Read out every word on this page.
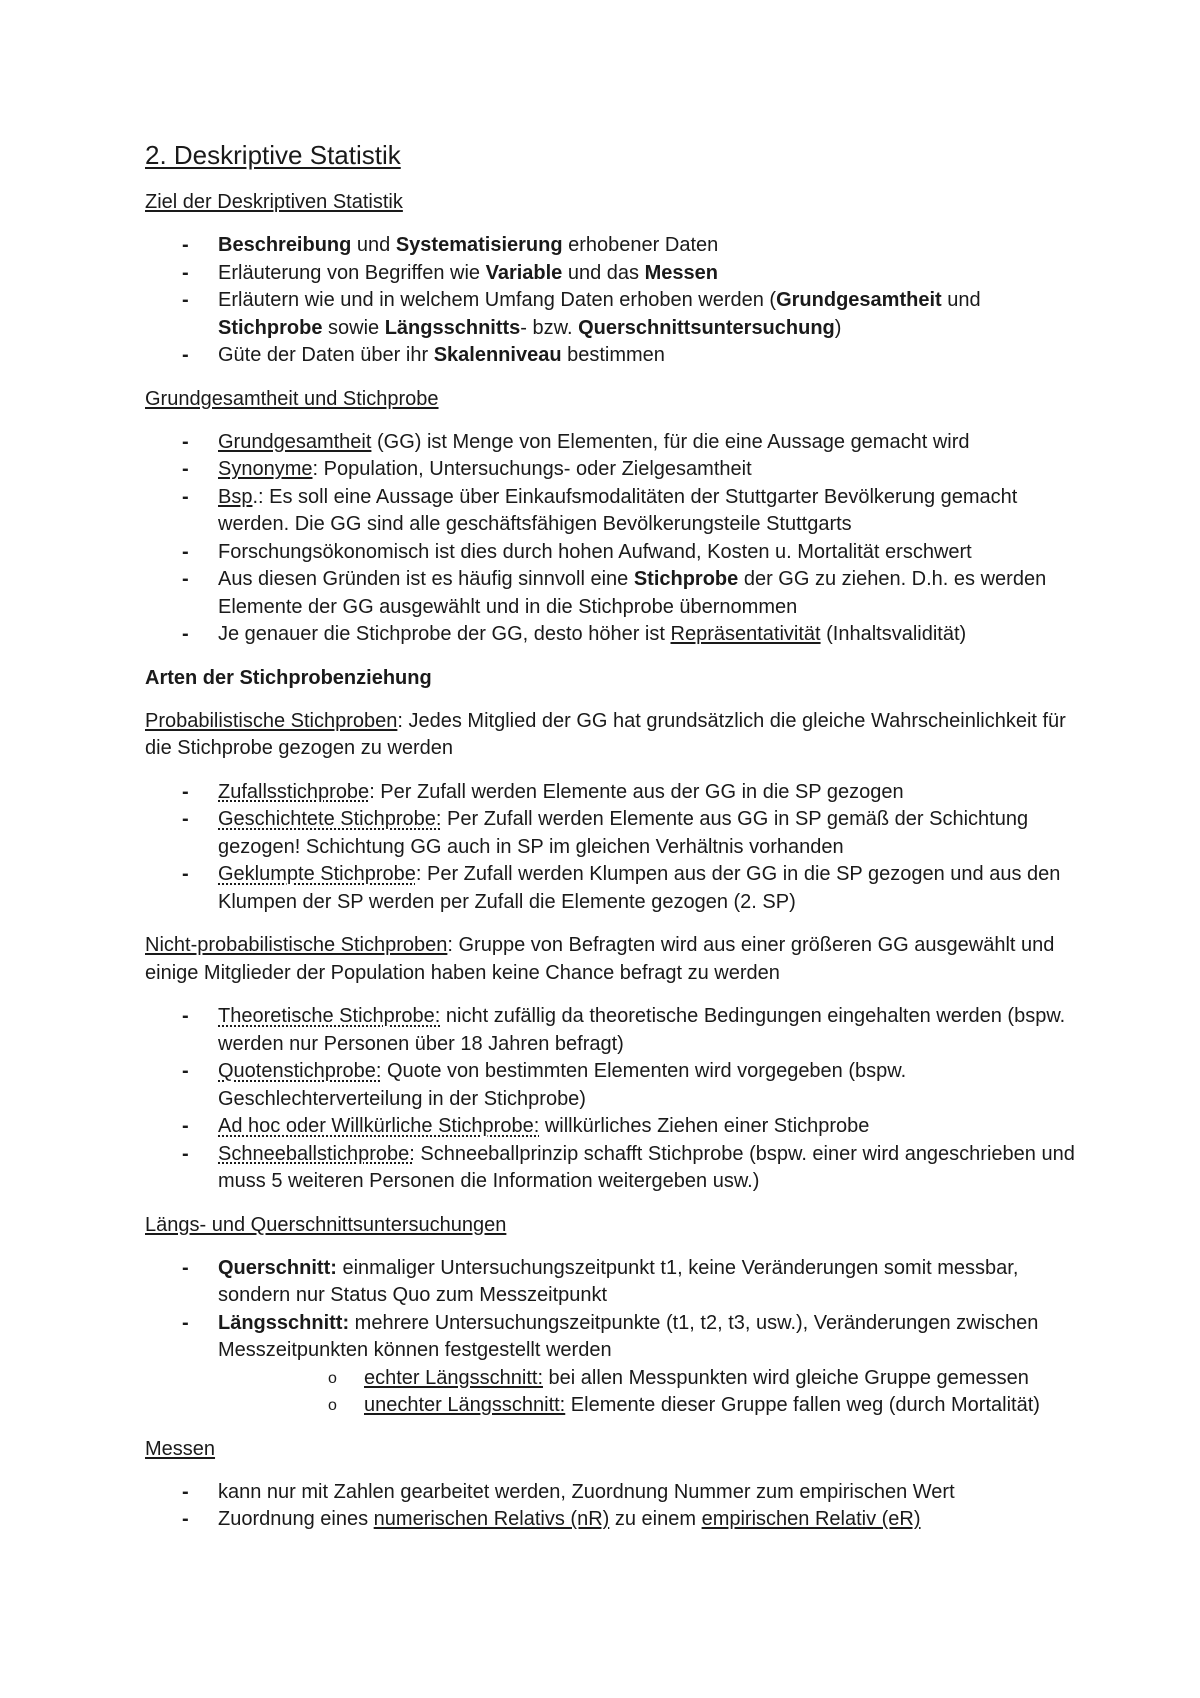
2. Deskriptive Statistik
Ziel der Deskriptiven Statistik
- Beschreibung und Systematisierung erhobener Daten
- Erläuterung von Begriffen wie Variable und das Messen
- Erläutern wie und in welchem Umfang Daten erhoben werden (Grundgesamtheit und Stichprobe sowie Längsschnitts- bzw. Querschnittsuntersuchung)
- Güte der Daten über ihr Skalenniveau bestimmen
Grundgesamtheit und Stichprobe
- Grundgesamtheit (GG) ist Menge von Elementen, für die eine Aussage gemacht wird
- Synonyme: Population, Untersuchungs- oder Zielgesamtheit
- Bsp.: Es soll eine Aussage über Einkaufsmodalitäten der Stuttgarter Bevölkerung gemacht werden. Die GG sind alle geschäftsfähigen Bevölkerungsteile Stuttgarts
- Forschungsökonomisch ist dies durch hohen Aufwand, Kosten u. Mortalität erschwert
- Aus diesen Gründen ist es häufig sinnvoll eine Stichprobe der GG zu ziehen. D.h. es werden Elemente der GG ausgewählt und in die Stichprobe übernommen
- Je genauer die Stichprobe der GG, desto höher ist Repräsentativität (Inhaltsvalidität)
Arten der Stichprobenziehung

Probabilistische Stichproben: Jedes Mitglied der GG hat grundsätzlich die gleiche Wahrscheinlichkeit für die Stichprobe gezogen zu werden

- Zufallsstichprobe: Per Zufall werden Elemente aus der GG in die SP gezogen
- Geschichtete Stichprobe: Per Zufall werden Elemente aus GG in SP gemäß der Schichtung gezogen! Schichtung GG auch in SP im gleichen Verhältnis vorhanden
- Geklumpte Stichprobe: Per Zufall werden Klumpen aus der GG in die SP gezogen und aus den Klumpen der SP werden per Zufall die Elemente gezogen (2. SP)

Nicht-probabilistische Stichproben: Gruppe von Befragten wird aus einer größeren GG ausgewählt und einige Mitglieder der Population haben keine Chance befragt zu werden

- Theoretische Stichprobe: nicht zufällig da theoretische Bedingungen eingehalten werden (bspw. werden nur Personen über 18 Jahren befragt)
- Quotenstichprobe: Quote von bestimmten Elementen wird vorgegeben (bspw. Geschlechterverteilung in der Stichprobe)
- Ad hoc oder Willkürliche Stichprobe: willkürliches Ziehen einer Stichprobe
- Schneeballstichprobe: Schneeballprinzip schafft Stichprobe (bspw. einer wird angeschrieben und muss 5 weiteren Personen die Information weitergeben usw.)
Längs- und Querschnittsuntersuchungen
- Querschnitt: einmaliger Untersuchungszeitpunkt t1, keine Veränderungen somit messbar, sondern nur Status Quo zum Messzeitpunkt
- Längsschnitt: mehrere Untersuchungszeitpunkte (t1, t2, t3, usw.), Veränderungen zwischen Messzeitpunkten können festgestellt werden
o echter Längsschnitt: bei allen Messpunkten wird gleiche Gruppe gemessen
o unechter Längsschnitt: Elemente dieser Gruppe fallen weg (durch Mortalität)
Messen
- kann nur mit Zahlen gearbeitet werden, Zuordnung Nummer zum empirischen Wert
- Zuordnung eines numerischen Relativs (nR) zu einem empirischen Relativ (eR)
